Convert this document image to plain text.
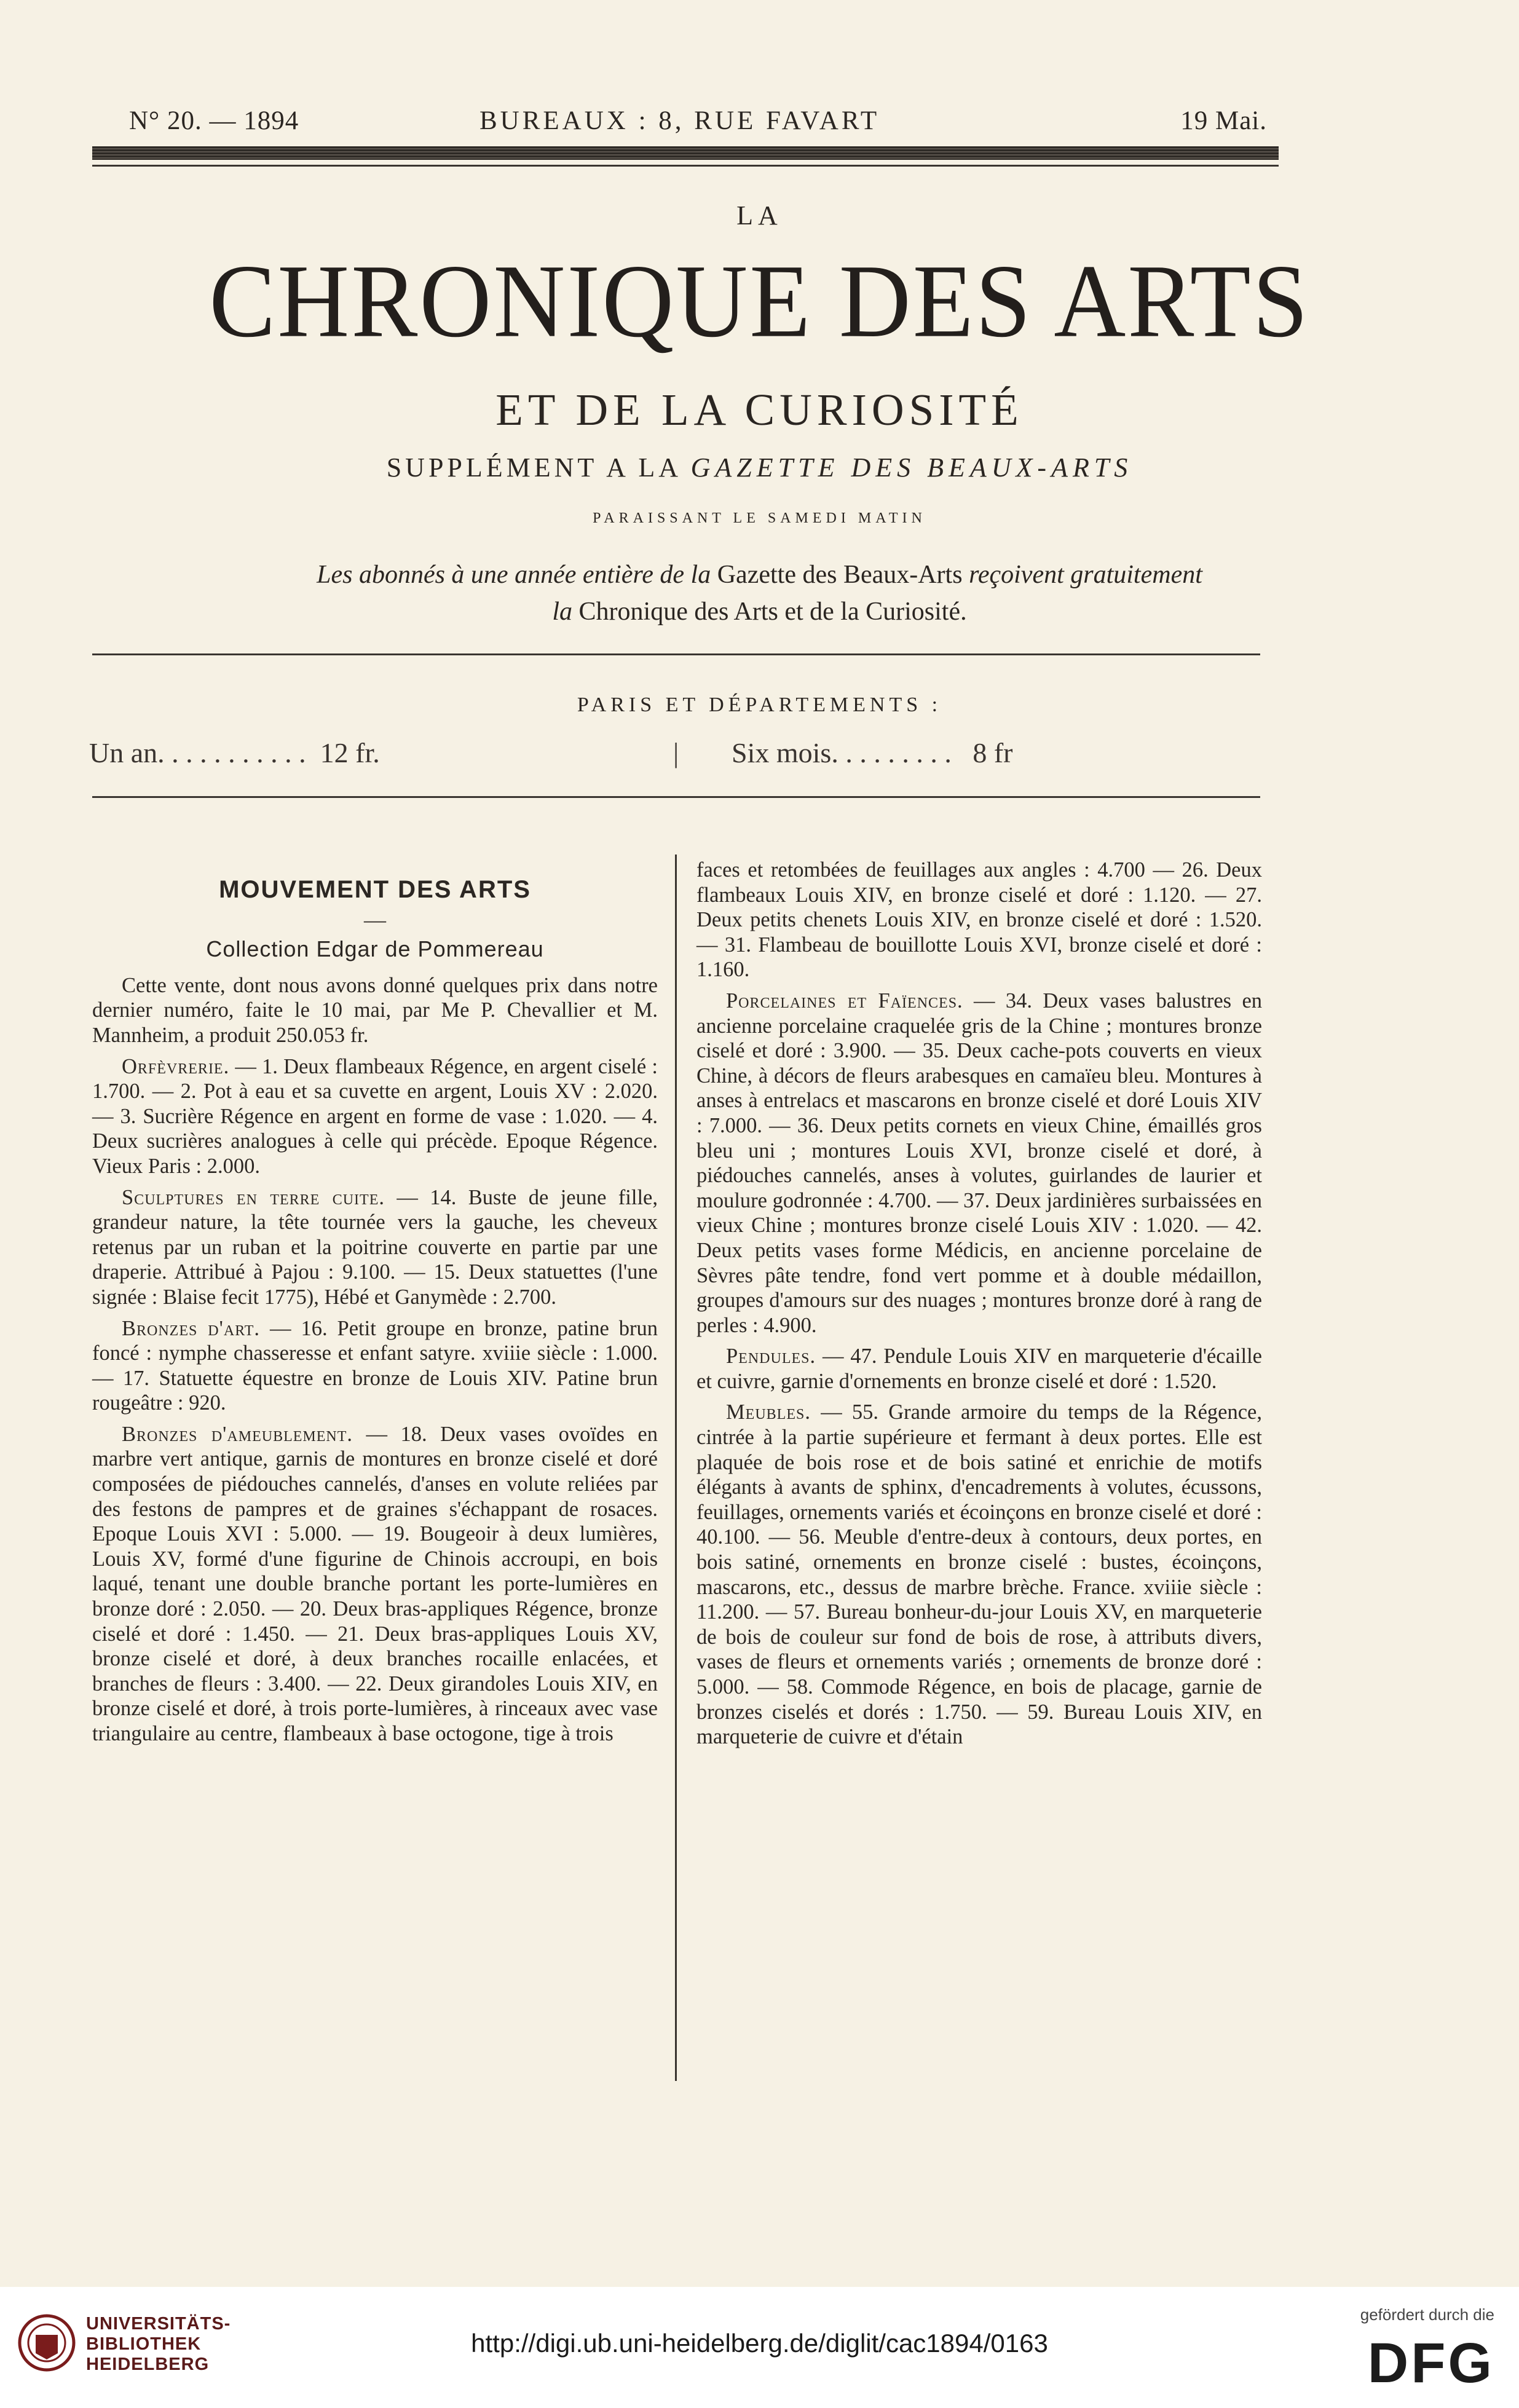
N° 20. — 1894	BUREAUX : 8, RUE FAVART	19 Mai.
LA
CHRONIQUE DES ARTS
ET DE LA CURIOSITÉ
SUPPLÉMENT A LA GAZETTE DES BEAUX-ARTS
PARAISSANT LE SAMEDI MATIN
Les abonnés à une année entière de la Gazette des Beaux-Arts reçoivent gratuitement
la Chronique des Arts et de la Curiosité.
PARIS ET DÉPARTEMENTS :
Un an. . . . . . . . . . . 12 fr.	| Six mois. . . . . . . . . 8 fr
MOUVEMENT DES ARTS
—
Collection Edgar de Pommereau

Cette vente, dont nous avons donné quelques prix dans notre dernier numéro, faite le 10 mai, par Me P. Chevallier et M. Mannheim, a produit 250.053 fr.

Orfèvrerie. — 1. Deux flambeaux Régence, en argent ciselé : 1.700. — 2. Pot à eau et sa cuvette en argent, Louis XV : 2.020. — 3. Sucrière Régence en argent en forme de vase : 1.020. — 4. Deux sucrières analogues à celle qui précède. Epoque Régence. Vieux Paris : 2.000.

Sculptures en terre cuite. — 14. Buste de jeune fille, grandeur nature, la tête tournée vers la gauche, les cheveux retenus par un ruban et la poitrine couverte en partie par une draperie. Attribué à Pajou : 9.100. — 15. Deux statuettes (l'une signée : Blaise fecit 1775), Hébé et Ganymède : 2.700.

Bronzes d'art. — 16. Petit groupe en bronze, patine brun foncé : nymphe chasseresse et enfant satyre. xviiie siècle : 1.000. — 17. Statuette équestre en bronze de Louis XIV. Patine brun rougeâtre : 920.

Bronzes d'ameublement. — 18. Deux vases ovoïdes en marbre vert antique, garnis de montures en bronze ciselé et doré composées de piédouches cannelés, d'anses en volute reliées par des festons de pampres et de graines s'échappant de rosaces. Epoque Louis XVI : 5.000. — 19. Bougeoir à deux lumières, Louis XV, formé d'une figurine de Chinois accroupi, en bois laqué, tenant une double branche portant les porte-lumières en bronze doré : 2.050. — 20. Deux bras-appliques Régence, bronze ciselé et doré : 1.450. — 21. Deux bras-appliques Louis XV, bronze ciselé et doré, à deux branches rocaille enlacées, et branches de fleurs : 3.400. — 22. Deux girandoles Louis XIV, en bronze ciselé et doré, à trois porte-lumières, à rinceaux avec vase triangulaire au centre, flambeaux à base octogone, tige à trois

faces et retombées de feuillages aux angles : 4.700 — 26. Deux flambeaux Louis XIV, en bronze ciselé et doré : 1.120. — 27. Deux petits chenets Louis XIV, en bronze ciselé et doré : 1.520. — 31. Flambeau de bouillotte Louis XVI, bronze ciselé et doré : 1.160.

Porcelaines et Faïences. — 34. Deux vases balustres en ancienne porcelaine craquelée gris de la Chine ; montures bronze ciselé et doré : 3.900. — 35. Deux cache-pots couverts en vieux Chine, à décors de fleurs arabesques en camaïeu bleu. Montures à anses à entrelacs et mascarons en bronze ciselé et doré Louis XIV : 7.000. — 36. Deux petits cornets en vieux Chine, émaillés gros bleu uni ; montures Louis XVI, bronze ciselé et doré, à piédouches cannelés, anses à volutes, guirlandes de laurier et moulure godronnée : 4.700. — 37. Deux jardinières surbaissées en vieux Chine ; montures bronze ciselé Louis XIV : 1.020. — 42. Deux petits vases forme Médicis, en ancienne porcelaine de Sèvres pâte tendre, fond vert pomme et à double médaillon, groupes d'amours sur des nuages ; montures bronze doré à rang de perles : 4.900.

Pendules. — 47. Pendule Louis XIV en marqueterie d'écaille et cuivre, garnie d'ornements en bronze ciselé et doré : 1.520.

Meubles. — 55. Grande armoire du temps de la Régence, cintrée à la partie supérieure et fermant à deux portes. Elle est plaquée de bois rose et de bois satiné et enrichie de motifs élégants à avants de sphinx, d'encadrements à volutes, écussons, feuillages, ornements variés et écoinçons en bronze ciselé et doré : 40.100. — 56. Meuble d'entre-deux à contours, deux portes, en bois satiné, ornements en bronze ciselé : bustes, écoinçons, mascarons, etc., dessus de marbre brèche. France. xviiie siècle : 11.200. — 57. Bureau bonheur-du-jour Louis XV, en marqueterie de bois de couleur sur fond de bois de rose, à attributs divers, vases de fleurs et ornements variés ; ornements de bronze doré : 5.000. — 58. Commode Régence, en bois de placage, garnie de bronzes ciselés et dorés : 1.750. — 59. Bureau Louis XIV, en marqueterie de cuivre et d'étain

UNIVERSITÄTS-
BIBLIOTHEK
HEIDELBERG
http://digi.ub.uni-heidelberg.de/diglit/cac1894/0163
gefördert durch die
DFG
